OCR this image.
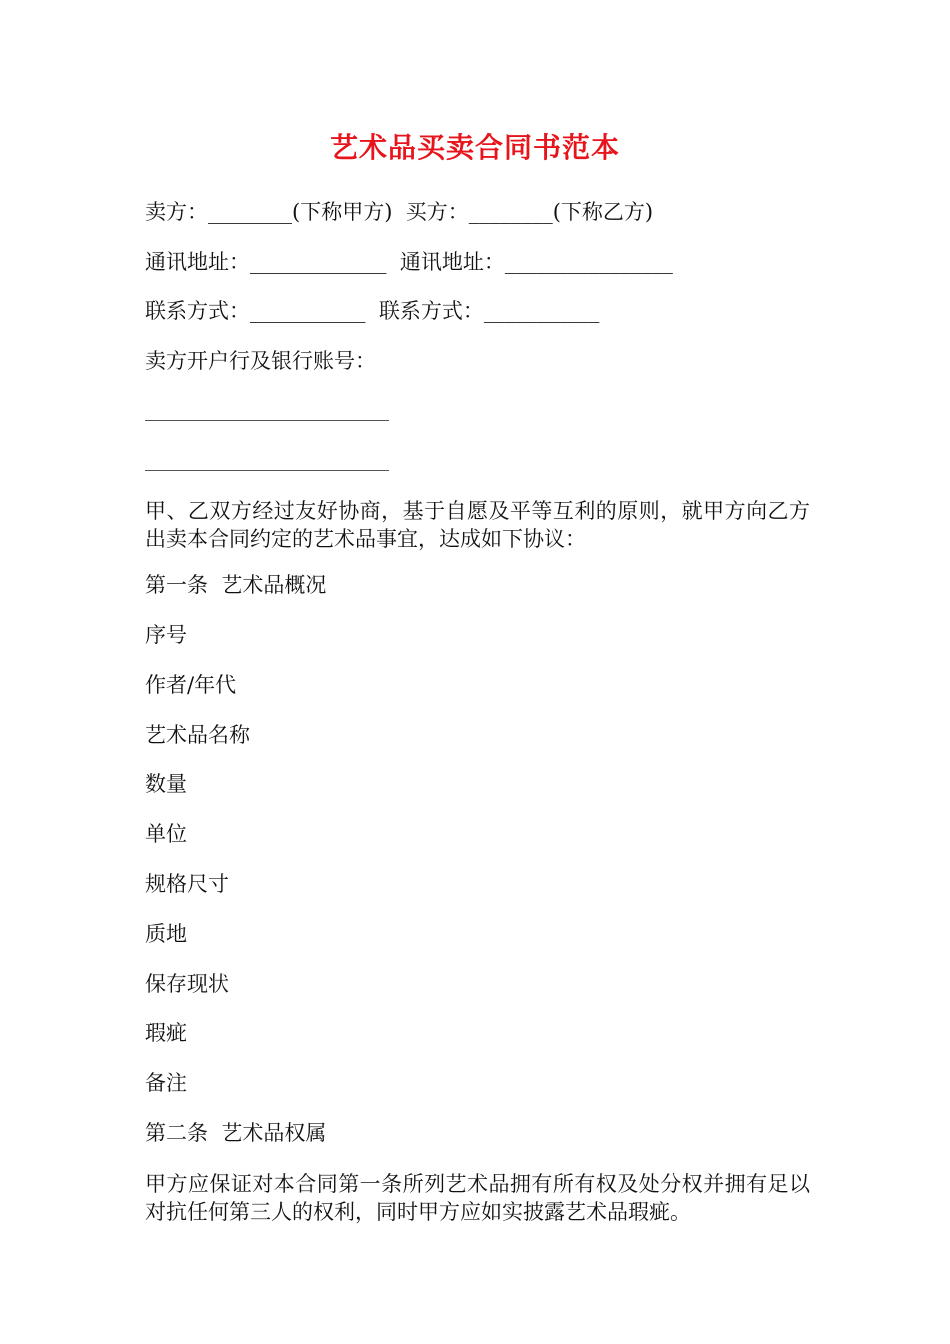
艺术品买卖合同书范本
卖方：________(下称甲方)  买方：________(下称乙方)
通讯地址：_____________  通讯地址：________________
联系方式：___________  联系方式：___________
卖方开户行及银行账号：
甲、乙双方经过友好协商，基于自愿及平等互利的原则，就甲方向乙方出卖本合同约定的艺术品事宜，达成如下协议：
第一条  艺术品概况
序号
作者/年代
艺术品名称
数量
单位
规格尺寸
质地
保存现状
瑕疵
备注
第二条  艺术品权属
甲方应保证对本合同第一条所列艺术品拥有所有权及处分权并拥有足以对抗任何第三人的权利，同时甲方应如实披露艺术品瑕疵。
